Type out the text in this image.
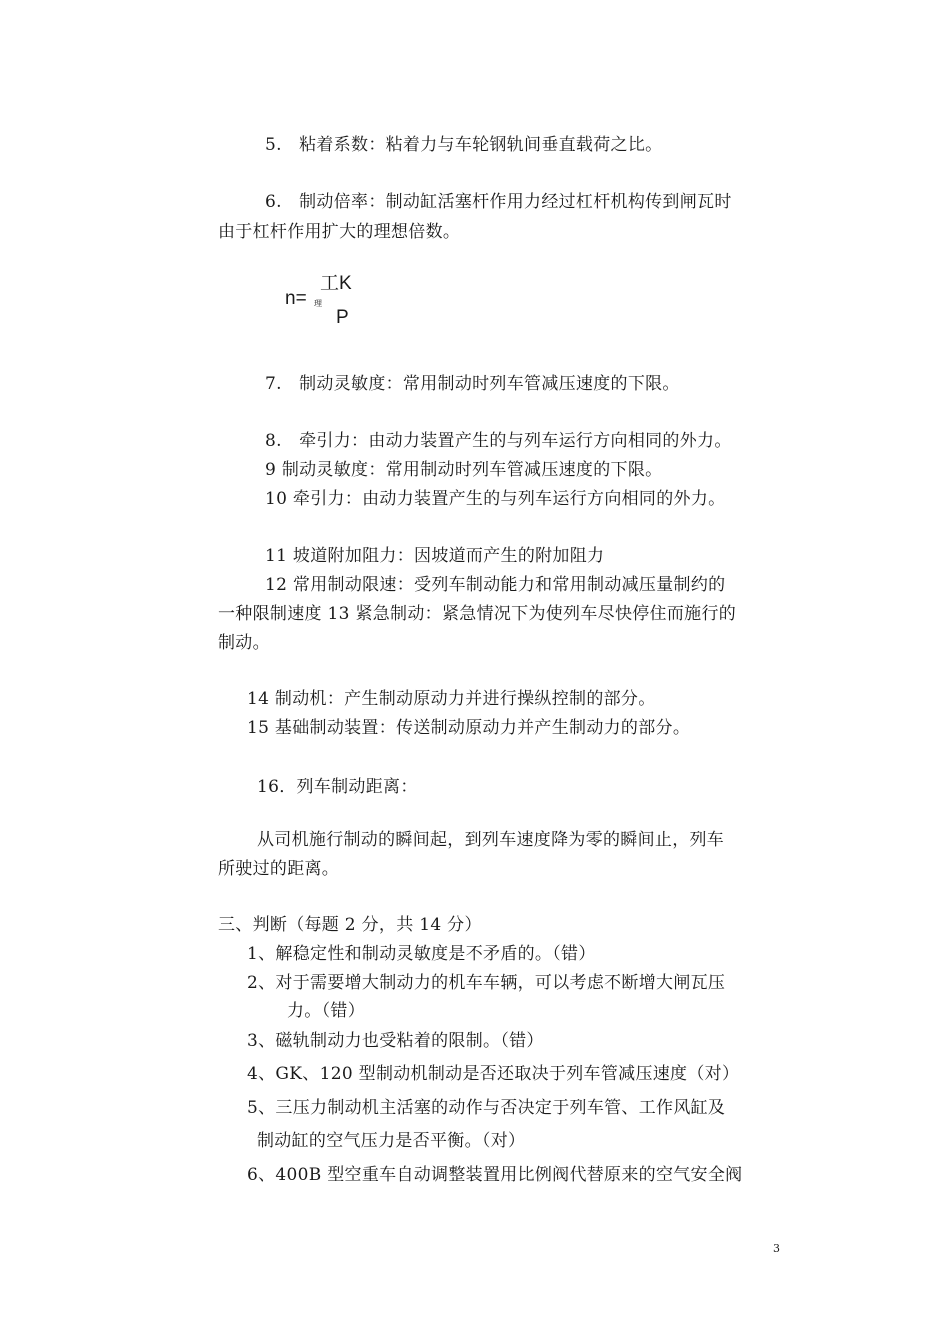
5.　粘着系数：粘着力与车轮钢轨间垂直载荷之比。
6.　制动倍率：制动缸活塞杆作用力经过杠杆机构传到闸瓦时
由于杠杆作用扩大的理想倍数。
n= 理
工K
P
7.　制动灵敏度：常用制动时列车管减压速度的下限。
8.　牵引力：由动力装置产生的与列车运行方向相同的外力。
9 制动灵敏度：常用制动时列车管减压速度的下限。
10 牵引力：由动力装置产生的与列车运行方向相同的外力。
11 坡道附加阻力：因坡道而产生的附加阻力
12 常用制动限速：受列车制动能力和常用制动减压量制约的
一种限制速度 13 紧急制动：紧急情况下为使列车尽快停住而施行的
制动。
14 制动机：产生制动原动力并进行操纵控制的部分。
15 基础制动装置：传送制动原动力并产生制动力的部分。
16．列车制动距离：
从司机施行制动的瞬间起，到列车速度降为零的瞬间止，列车
所驶过的距离。
三、判断（每题 2 分，共 14 分）
1、解稳定性和制动灵敏度是不矛盾的。（错）
2、对于需要增大制动力的机车车辆，可以考虑不断增大闸瓦压
力。（错）
3、磁轨制动力也受粘着的限制。（错）
4、GK、120 型制动机制动是否还取决于列车管减压速度（对）
5、三压力制动机主活塞的动作与否决定于列车管、工作风缸及
制动缸的空气压力是否平衡。（对）
6、400B 型空重车自动调整装置用比例阀代替原来的空气安全阀
3
